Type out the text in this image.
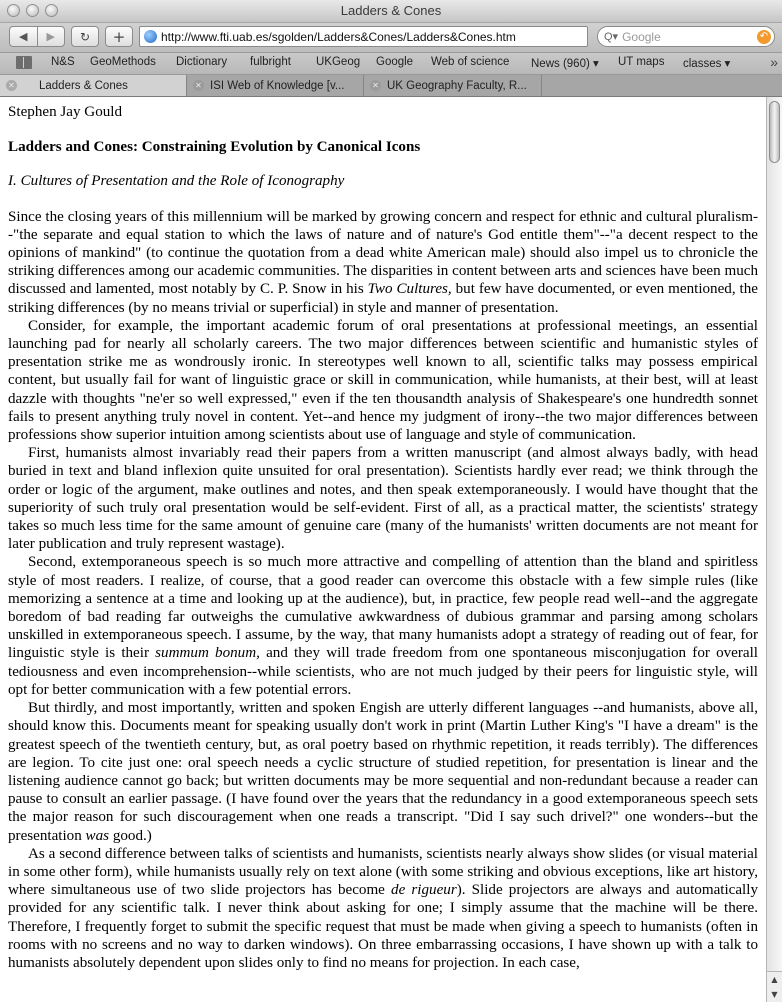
Ladders & Cones
◀ ▶ ↻ +	http://www.fti.uab.es/sgolden/Ladders&Cones/Ladders&Cones.htm	Q▾ Google	↶
N&S GeoMethods Dictionary fulbright UKGeog Google Web of science News (960) ▾ UT maps classes ▾	»
✕ Ladders & Cones	✕ ISI Web of Knowledge [v...	✕ UK Geography Faculty, R...

Stephen Jay Gould

Ladders and Cones: Constraining Evolution by Canonical Icons

I. Cultures of Presentation and the Role of Iconography

Since the closing years of this millennium will be marked by growing concern and respect for ethnic and cultural pluralism--"the separate and equal station to which the laws of nature and of nature's God entitle them"--"a decent respect to the opinions of mankind" (to continue the quotation from a dead white American male) should also impel us to chronicle the striking differences among our academic communities. The disparities in content between arts and sciences have been much discussed and lamented, most notably by C. P. Snow in his Two Cultures, but few have documented, or even mentioned, the striking differences (by no means trivial or superficial) in style and manner of presentation.

Consider, for example, the important academic forum of oral presentations at professional meetings, an essential launching pad for nearly all scholarly careers. The two major differences between scientific and humanistic styles of presentation strike me as wondrously ironic. In stereotypes well known to all, scientific talks may possess empirical content, but usually fail for want of linguistic grace or skill in communication, while humanists, at their best, will at least dazzle with thoughts "ne'er so well expressed," even if the ten thousandth analysis of Shakespeare's one hundredth sonnet fails to present anything truly novel in content. Yet--and hence my judgment of irony--the two major differences between professions show superior intuition among scientists about use of language and style of communication.

First, humanists almost invariably read their papers from a written manuscript (and almost always badly, with head buried in text and bland inflexion quite unsuited for oral presentation). Scientists hardly ever read; we think through the order or logic of the argument, make outlines and notes, and then speak extemporaneously. I would have thought that the superiority of such truly oral presentation would be self-evident. First of all, as a practical matter, the scientists' strategy takes so much less time for the same amount of genuine care (many of the humanists' written documents are not meant for later publication and truly represent wastage).

Second, extemporaneous speech is so much more attractive and compelling of attention than the bland and spiritless style of most readers. I realize, of course, that a good reader can overcome this obstacle with a few simple rules (like memorizing a sentence at a time and looking up at the audience), but, in practice, few people read well--and the aggregate boredom of bad reading far outweighs the cumulative awkwardness of dubious grammar and parsing among scholars unskilled in extemporaneous speech. I assume, by the way, that many humanists adopt a strategy of reading out of fear, for linguistic style is their summum bonum, and they will trade freedom from one spontaneous misconjugation for overall tediousness and even incomprehension--while scientists, who are not much judged by their peers for linguistic style, will opt for better communication with a few potential errors.

But thirdly, and most importantly, written and spoken Engish are utterly different languages --and humanists, above all, should know this. Documents meant for speaking usually don't work in print (Martin Luther King's "I have a dream" is the greatest speech of the twentieth century, but, as oral poetry based on rhythmic repetition, it reads terribly). The differences are legion. To cite just one: oral speech needs a cyclic structure of studied repetition, for presentation is linear and the listening audience cannot go back; but written documents may be more sequential and non-redundant because a reader can pause to consult an earlier passage. (I have found over the years that the redundancy in a good extemporaneous speech sets the major reason for such discouragement when one reads a transcript. "Did I say such drivel?" one wonders--but the presentation was good.)

As a second difference between talks of scientists and humanists, scientists nearly always show slides (or visual material in some other form), while humanists usually rely on text alone (with some striking and obvious exceptions, like art history, where simultaneous use of two slide projectors has become de rigueur). Slide projectors are always and automatically provided for any scientific talk. I never think about asking for one; I simply assume that the machine will be there. Therefore, I frequently forget to submit the specific request that must be made when giving a speech to humanists (often in rooms with no screens and no way to darken windows). On three embarrassing occasions, I have shown up with a talk to humanists absolutely dependent upon slides only to find no means for projection. In each case,

▲
▼
